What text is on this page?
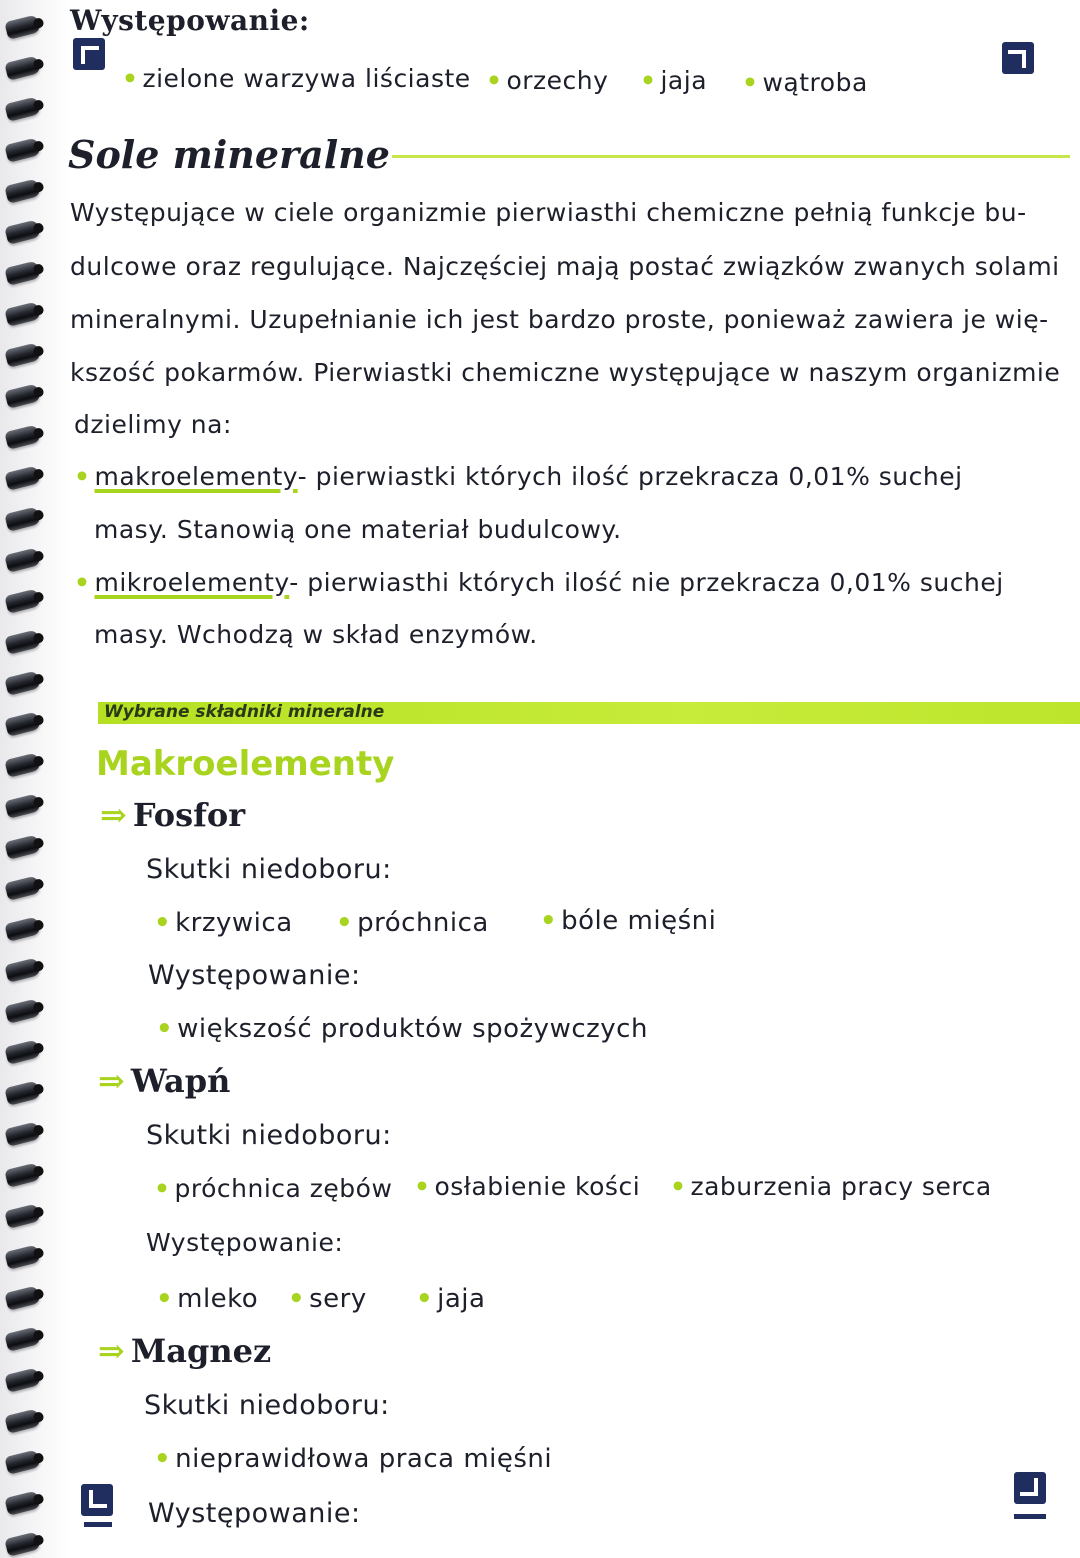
Występowanie:
• zielone warzywa liściaste • orzechy • jaja • wątroba
Sole mineralne
Występujące w ciele organizmie pierwiasthi chemiczne pełnią funkcje bu-
dulcowe oraz regulujące. Najczęściej mają postać związków zwanych solami
mineralnymi. Uzupełnianie ich jest bardzo proste, ponieważ zawiera je wię-
kszość pokarmów. Pierwiastki chemiczne występujące w naszym organizmie
dzielimy na:
• makroelementy- pierwiastki których ilość przekracza 0,01% suchej
masy. Stanowią one materiał budulcowy.
• mikroelementy- pierwiasthi których ilość nie przekracza 0,01% suchej
masy. Wchodzą w skład enzymów.
Wybrane składniki mineralne
Makroelementy
⇒ Fosfor
Skutki niedoboru:
• krzywica • próchnica • bóle mięśni
Występowanie:
• większość produktów spożywczych
⇒ Wapń
Skutki niedoboru:
• próchnica zębów • osłabienie kości • zaburzenia pracy serca
Występowanie:
• mleko • sery • jaja
⇒ Magnez
Skutki niedoboru:
• nieprawidłowa praca mięśni
Występowanie:
